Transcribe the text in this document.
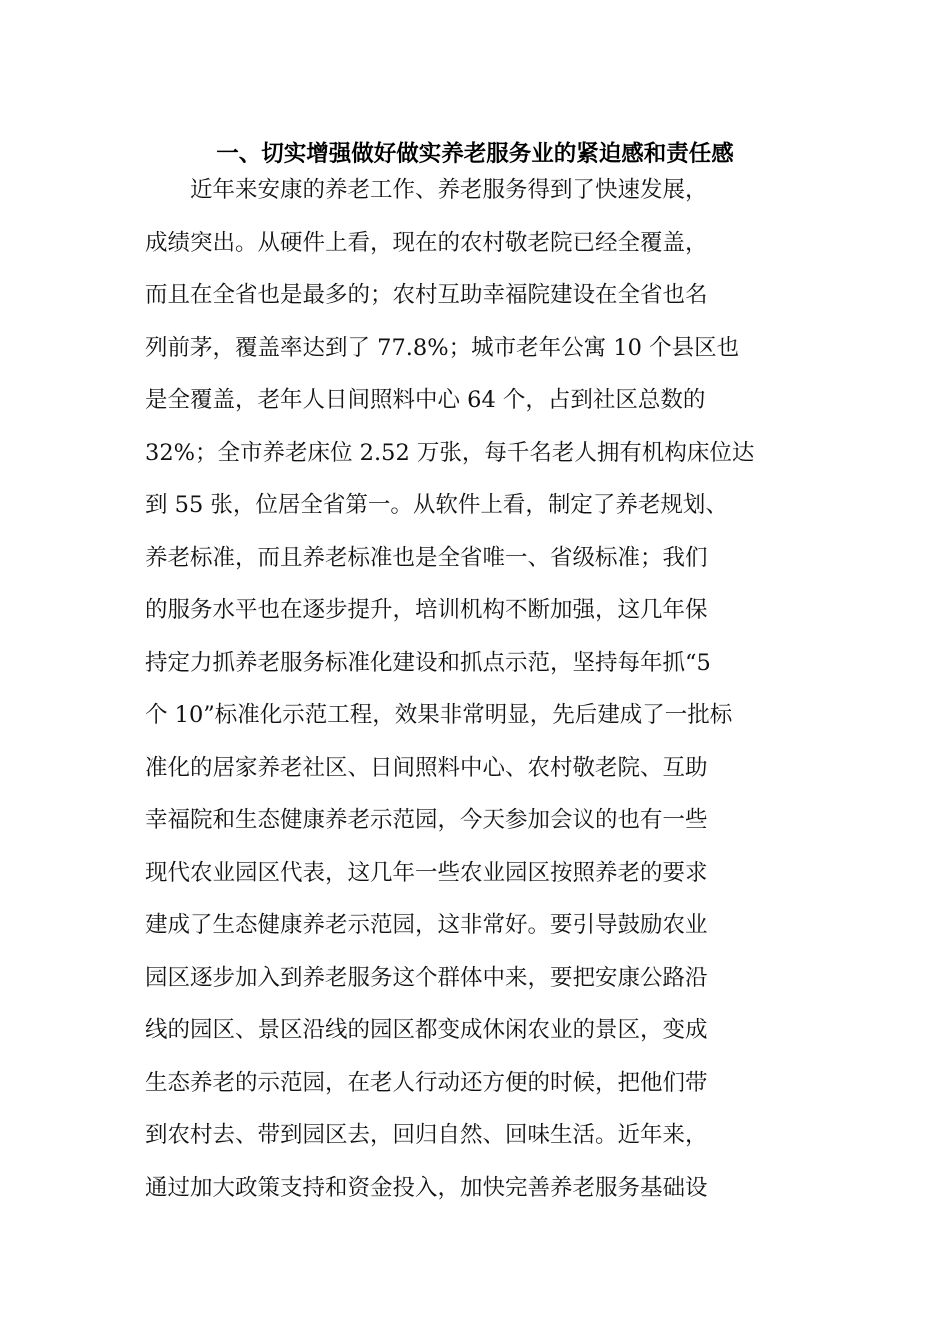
一、切实增强做好做实养老服务业的紧迫感和责任感
近年来安康的养老工作、养老服务得到了快速发展，
成绩突出。从硬件上看，现在的农村敬老院已经全覆盖，
而且在全省也是最多的；农村互助幸福院建设在全省也名
列前茅，覆盖率达到了 77.8%；城市老年公寓 10 个县区也
是全覆盖，老年人日间照料中心 64 个，占到社区总数的
32%；全市养老床位 2.52 万张，每千名老人拥有机构床位达
到 55 张，位居全省第一。从软件上看，制定了养老规划、
养老标准，而且养老标准也是全省唯一、省级标准；我们
的服务水平也在逐步提升，培训机构不断加强，这几年保
持定力抓养老服务标准化建设和抓点示范，坚持每年抓“5
个 10”标准化示范工程，效果非常明显，先后建成了一批标
准化的居家养老社区、日间照料中心、农村敬老院、互助
幸福院和生态健康养老示范园，今天参加会议的也有一些
现代农业园区代表，这几年一些农业园区按照养老的要求
建成了生态健康养老示范园，这非常好。要引导鼓励农业
园区逐步加入到养老服务这个群体中来，要把安康公路沿
线的园区、景区沿线的园区都变成休闲农业的景区，变成
生态养老的示范园，在老人行动还方便的时候，把他们带
到农村去、带到园区去，回归自然、回味生活。近年来，
通过加大政策支持和资金投入，加快完善养老服务基础设
